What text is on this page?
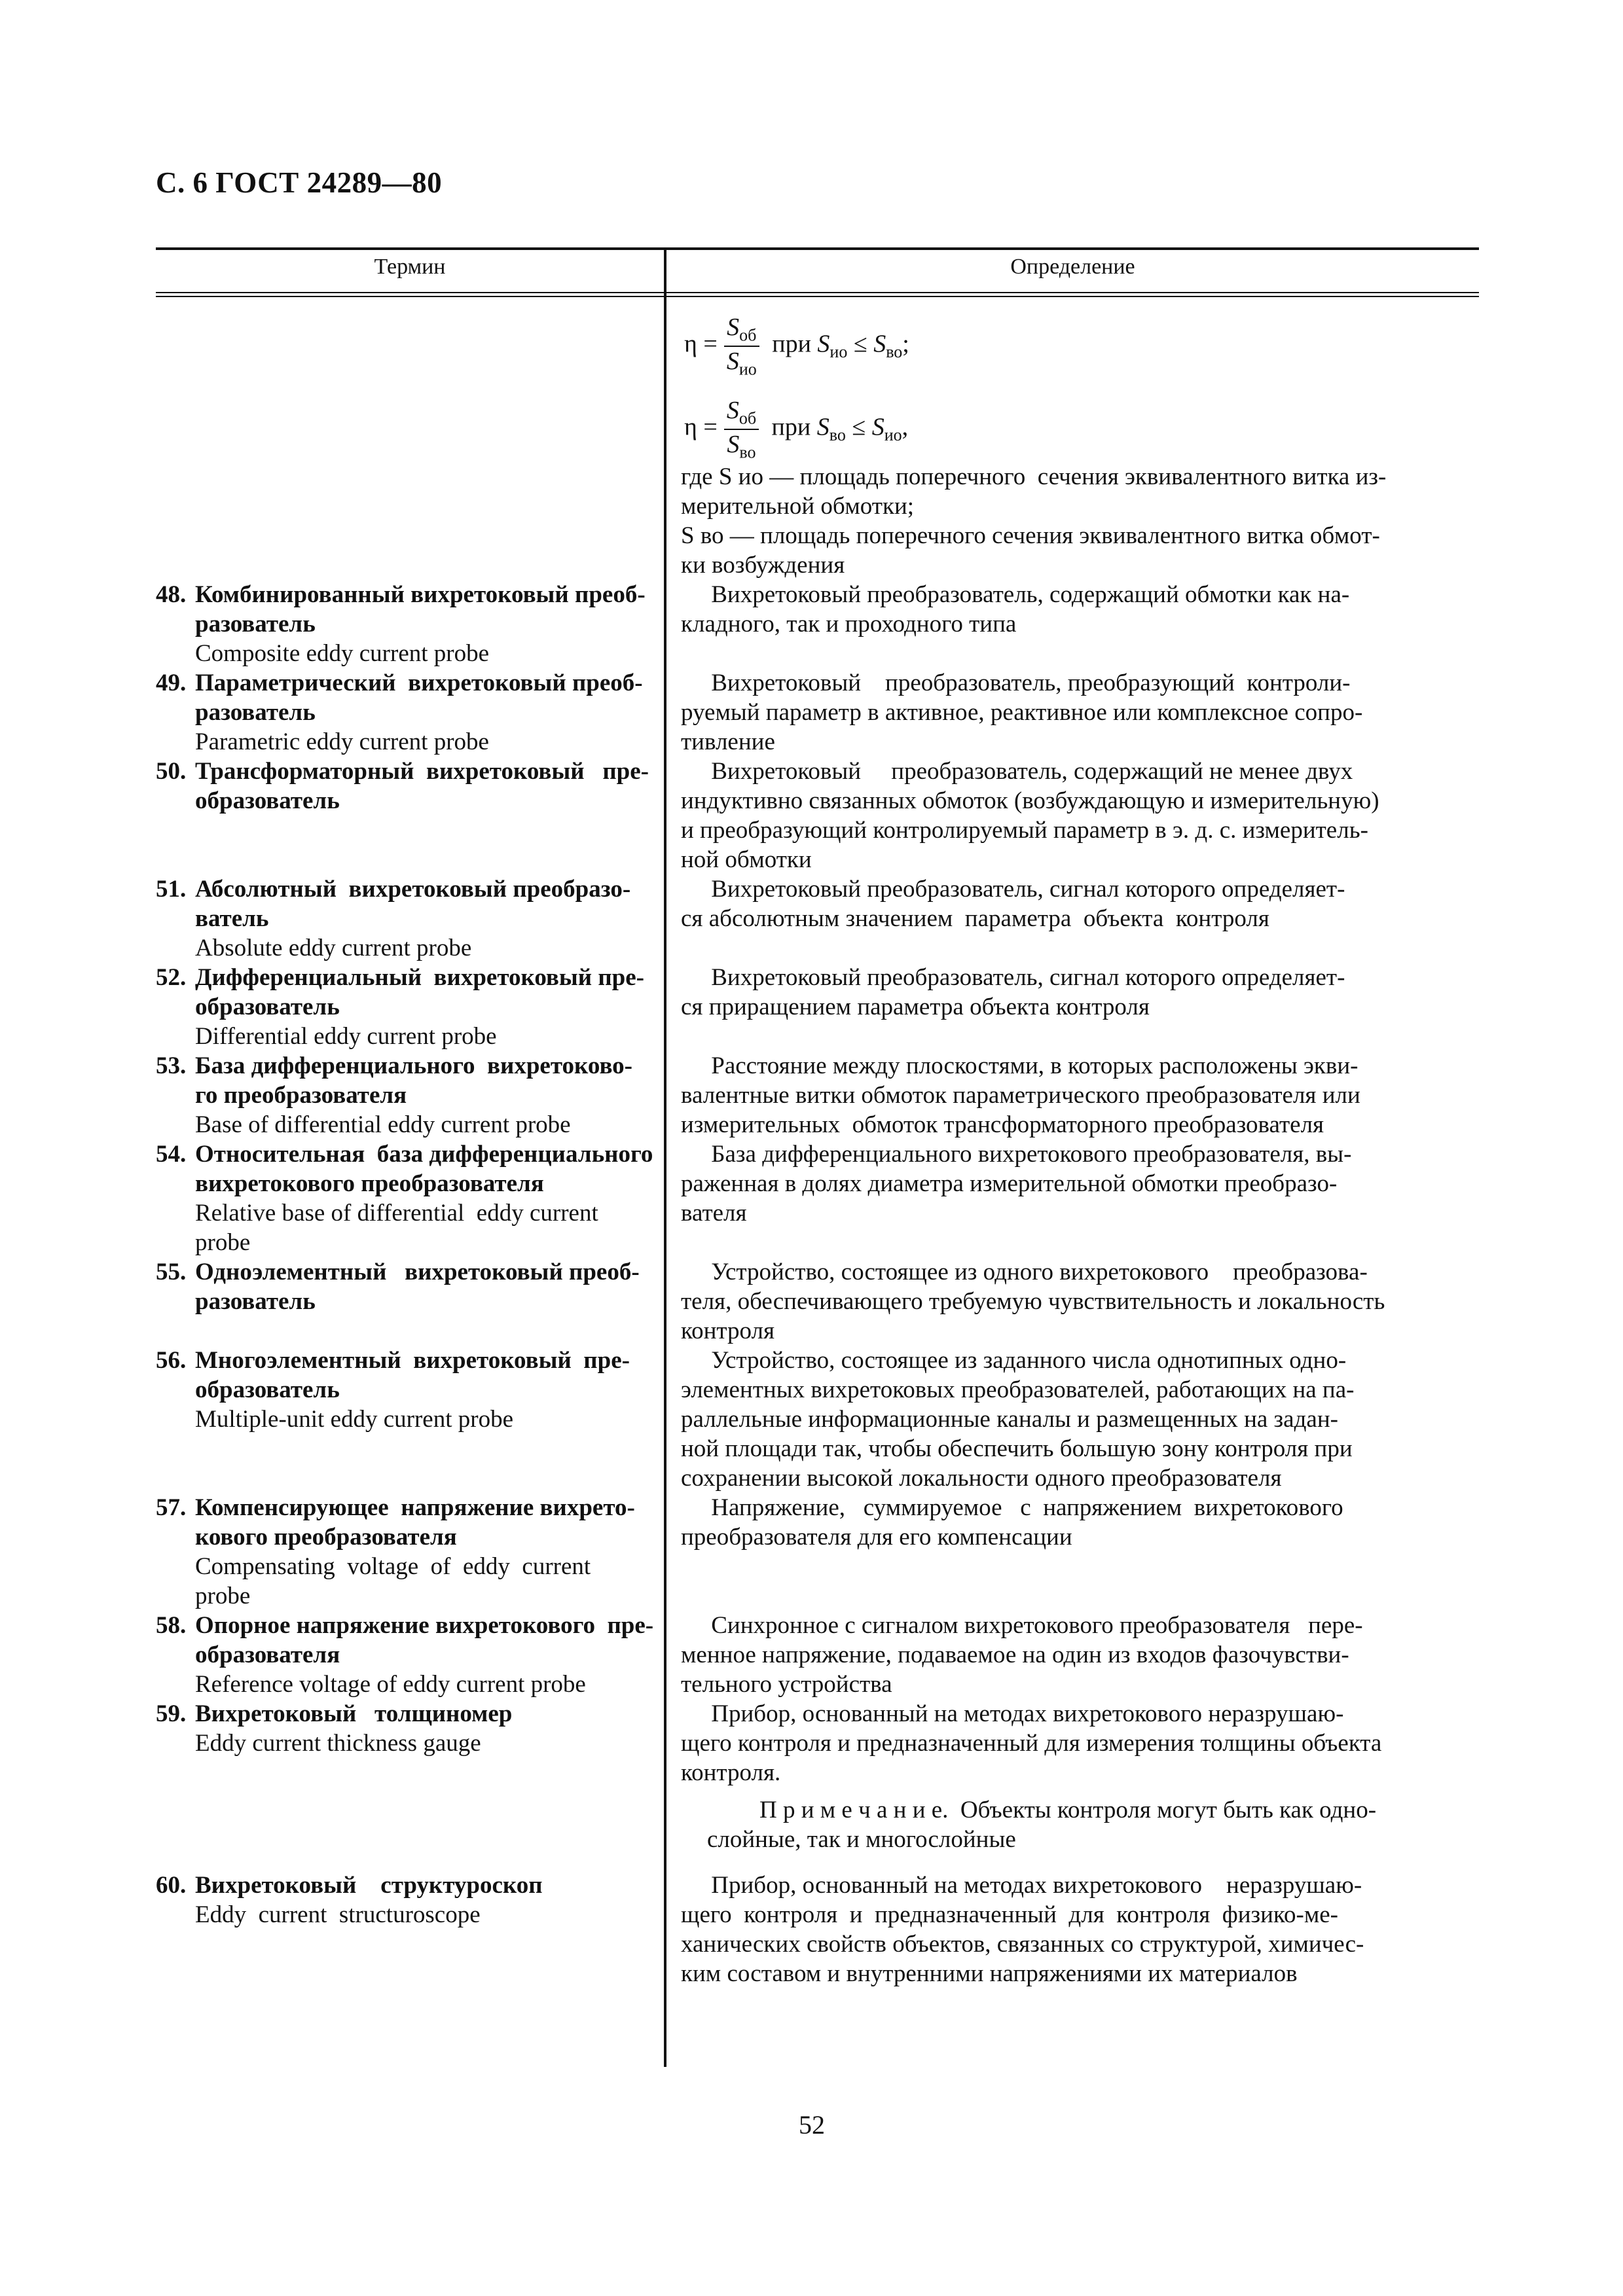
С. 6 ГОСТ 24289—80
Термин	Определение
$\eta = \frac{S_{об}}{S_{ио}}$ при $S_{ио} \le S_{во}$;
$\eta = \frac{S_{об}}{S_{во}}$ при $S_{во} \le S_{ио}$,
где S ио — площадь поперечного  сечения эквивалентного витка из-
мерительной обмотки;
S во — площадь поперечного сечения эквивалентного витка обмот-
ки возбуждения
48. Комбинированный вихретоковый преоб-
разователь
Composite eddy current probe
Вихретоковый преобразователь, содержащий обмотки как на-
кладного, так и проходного типа
49. Параметрический  вихретоковый преоб-
разователь
Parametric eddy current probe
Вихретоковый    преобразователь, преобразующий  контроли-
руемый параметр в активное, реактивное или комплексное сопро-
тивление
50. Трансформаторный  вихретоковый   пре-
образователь
Вихретоковый     преобразователь, содержащий не менее двух
индуктивно связанных обмоток (возбуждающую и измерительную)
и преобразующий контролируемый параметр в э. д. с. измеритель-
ной обмотки
51. Абсолютный  вихретоковый преобразо-
ватель
Absolute eddy current probe
Вихретоковый преобразователь, сигнал которого определяет-
ся абсолютным значением  параметра  объекта  контроля
52. Дифференциальный  вихретоковый пре-
образователь
Differential eddy current probe
Вихретоковый преобразователь, сигнал которого определяет-
ся приращением параметра объекта контроля
53. База дифференциального  вихретоково-
го преобразователя
Base of differential eddy current probe
Расстояние между плоскостями, в которых расположены экви-
валентные витки обмоток параметрического преобразователя или
измерительных  обмоток трансформаторного преобразователя
54. Относительная  база дифференциального
вихретокового преобразователя
Relative base of differential  eddy current
probe
База дифференциального вихретокового преобразователя, вы-
раженная в долях диаметра измерительной обмотки преобразо-
вателя
55. Одноэлементный   вихретоковый преоб-
разователь
Устройство, состоящее из одного вихретокового    преобразова-
теля, обеспечивающего требуемую чувствительность и локальность
контроля
56. Многоэлементный  вихретоковый  пре-
образователь
Multiple-unit eddy current probe
Устройство, состоящее из заданного числа однотипных одно-
элементных вихретоковых преобразователей, работающих на па-
раллельные информационные каналы и размещенных на задан-
ной площади так, чтобы обеспечить большую зону контроля при
сохранении высокой локальности одного преобразователя
57. Компенсирующее  напряжение вихрето-
кового преобразователя
Compensating  voltage  of  eddy  current
probe
Напряжение,   суммируемое   с  напряжением  вихретокового
преобразователя для его компенсации
58. Опорное напряжение вихретокового  пре-
образователя
Reference voltage of eddy current probe
Синхронное с сигналом вихретокового преобразователя   пере-
менное напряжение, подаваемое на один из входов фазочувстви-
тельного устройства
59. Вихретоковый   толщиномер
Eddy current thickness gauge
Прибор, основанный на методах вихретокового неразрушаю-
щего контроля и предназначенный для измерения толщины объекта
контроля.
П р и м е ч а н и е.  Объекты контроля могут быть как одно-
слойные, так и многослойные
60. Вихретоковый    структуроскоп
Eddy  current  structuroscope
Прибор, основанный на методах вихретокового    неразрушаю-
щего  контроля  и  предназначенный  для  контроля  физико-ме-
ханических свойств объектов, связанных со структурой, химичес-
ким составом и внутренними напряжениями их материалов
52
